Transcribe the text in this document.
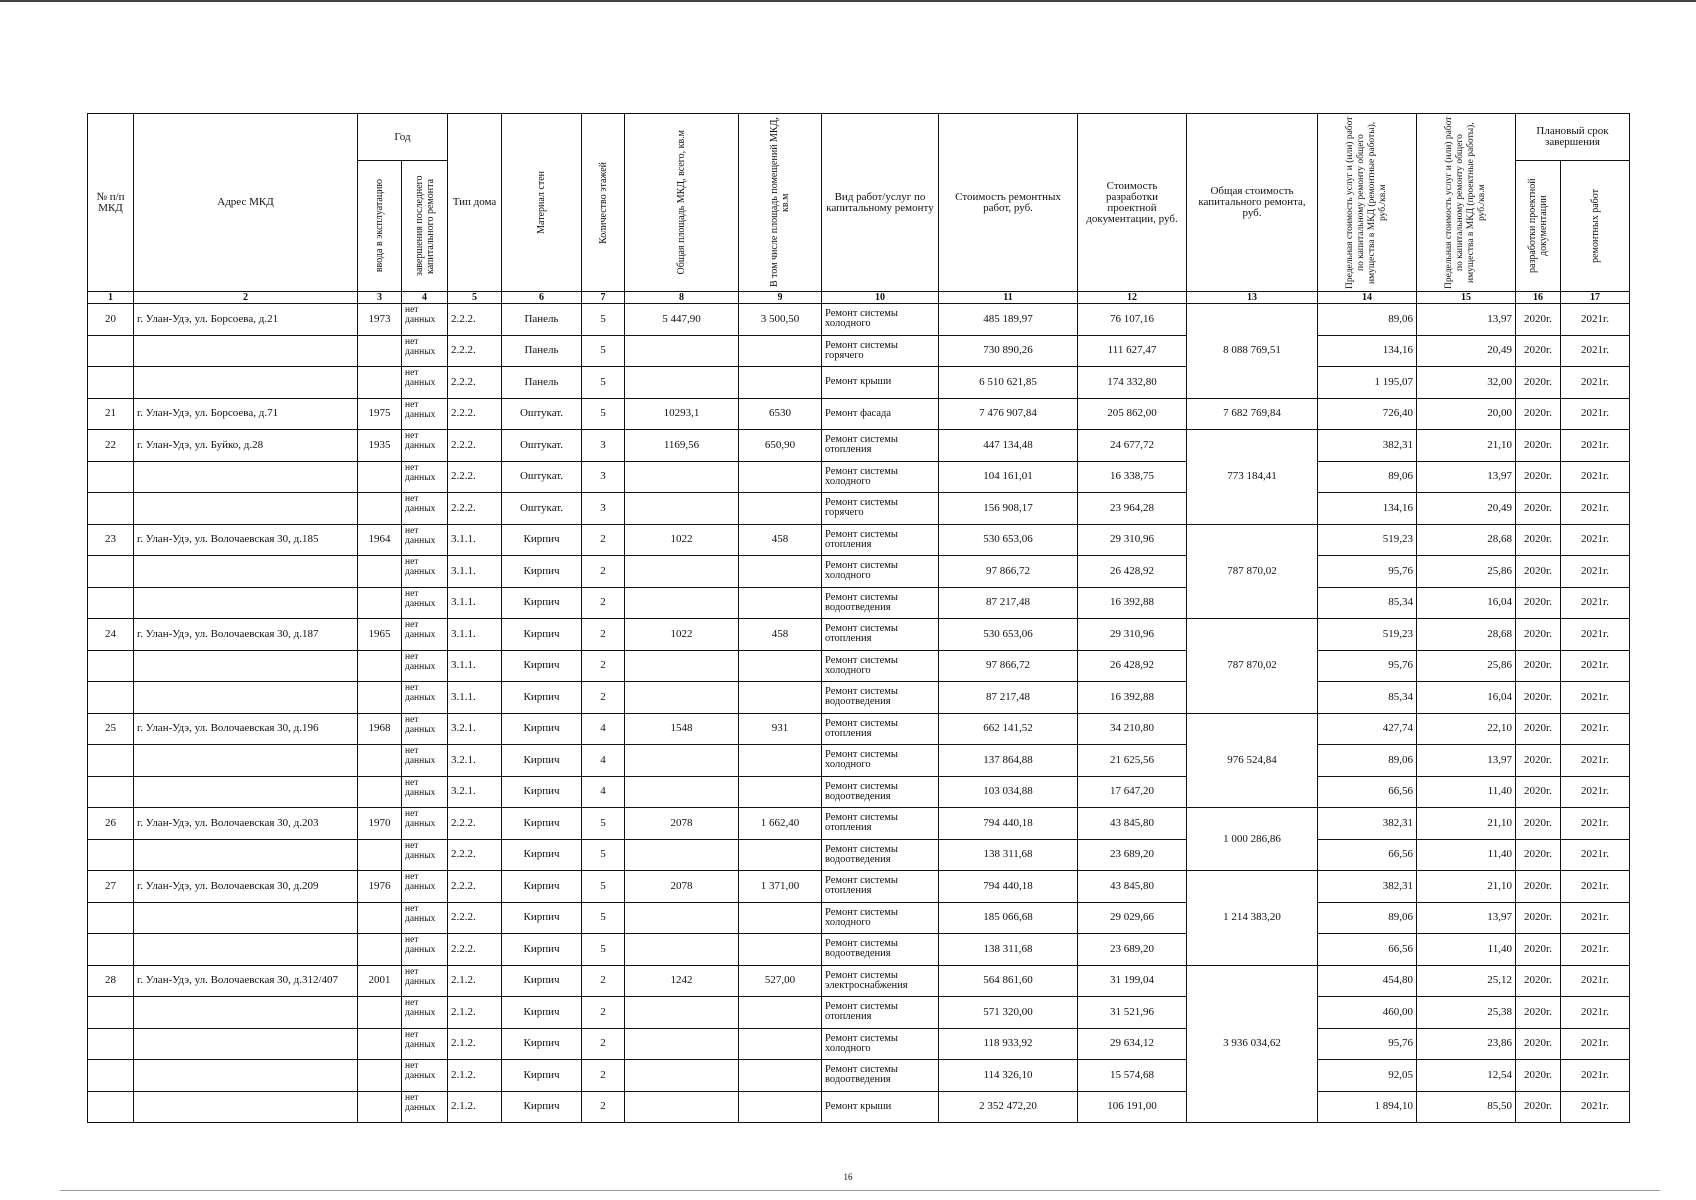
№ п/п МКД	Адрес МКД	Год		Тип дома	Материал стен	Количество этажей	Общая площадь МКД, всего, кв.м	В том числе площадь помещений МКД, кв.м	Вид работ/услуг по капитальному ремонту	Стоимость ремонтных работ, руб.	Стоимость разработки проектной документации, руб.	Общая стоимость капитального ремонта, руб.	Предельная стоимость услуг и (или) работ по капитальному ремонту общего имущества в МКД (ремонтные работы), руб./кв.м	Предельная стоимость услуг и (или) работ по капитальному ремонту общего имущества в МКД (проектные работы), руб./кв.м	Плановый срок завершения	

		ввода в эксплуатацию	завершения последнего капитального ремонта												разработки проектной документации	ремонтных работ

1	2	3	4	5	6	7	8	9	10	11	12	13	14	15	16	17
20	г. Улан-Удэ, ул. Борсоева, д.21	1973	нет данных	2.2.2.	Панель	5	5 447,90	3 500,50	Ремонт системы холодного	485 189,97	76 107,16	8 088 769,51	89,06	13,97	2020г.	2021г.
			нет данных	2.2.2.	Панель	5			Ремонт системы горячего	730 890,26	111 627,47		134,16	20,49	2020г.	2021г.
			нет данных	2.2.2.	Панель	5			Ремонт крыши	6 510 621,85	174 332,80		1 195,07	32,00	2020г.	2021г.
21	г. Улан-Удэ, ул. Борсоева, д.71	1975	нет данных	2.2.2.	Оштукат.	5	10293,1	6530	Ремонт фасада	7 476 907,84	205 862,00	7 682 769,84	726,40	20,00	2020г.	2021г.
22	г. Улан-Удэ, ул. Буйко, д.28	1935	нет данных	2.2.2.	Оштукат.	3	1169,56	650,90	Ремонт системы отопления	447 134,48	24 677,72	773 184,41	382,31	21,10	2020г.	2021г.
			нет данных	2.2.2.	Оштукат.	3			Ремонт системы холодного	104 161,01	16 338,75		89,06	13,97	2020г.	2021г.
			нет данных	2.2.2.	Оштукат.	3			Ремонт системы горячего	156 908,17	23 964,28		134,16	20,49	2020г.	2021г.
23	г. Улан-Удэ, ул. Волочаевская 30, д.185	1964	нет данных	3.1.1.	Кирпич	2	1022	458	Ремонт системы отопления	530 653,06	29 310,96	787 870,02	519,23	28,68	2020г.	2021г.
			нет данных	3.1.1.	Кирпич	2			Ремонт системы холодного	97 866,72	26 428,92		95,76	25,86	2020г.	2021г.
			нет данных	3.1.1.	Кирпич	2			Ремонт системы водоотведения	87 217,48	16 392,88		85,34	16,04	2020г.	2021г.
24	г. Улан-Удэ, ул. Волочаевская 30, д.187	1965	нет данных	3.1.1.	Кирпич	2	1022	458	Ремонт системы отопления	530 653,06	29 310,96	787 870,02	519,23	28,68	2020г.	2021г.
			нет данных	3.1.1.	Кирпич	2			Ремонт системы холодного	97 866,72	26 428,92		95,76	25,86	2020г.	2021г.
			нет данных	3.1.1.	Кирпич	2			Ремонт системы водоотведения	87 217,48	16 392,88		85,34	16,04	2020г.	2021г.
25	г. Улан-Удэ, ул. Волочаевская 30, д.196	1968	нет данных	3.2.1.	Кирпич	4	1548	931	Ремонт системы отопления	662 141,52	34 210,80	976 524,84	427,74	22,10	2020г.	2021г.
			нет данных	3.2.1.	Кирпич	4			Ремонт системы холодного	137 864,88	21 625,56		89,06	13,97	2020г.	2021г.
			нет данных	3.2.1.	Кирпич	4			Ремонт системы водоотведения	103 034,88	17 647,20		66,56	11,40	2020г.	2021г.
26	г. Улан-Удэ, ул. Волочаевская 30, д.203	1970	нет данных	2.2.2.	Кирпич	5	2078	1 662,40	Ремонт системы отопления	794 440,18	43 845,80	1 000 286,86	382,31	21,10	2020г.	2021г.
			нет данных	2.2.2.	Кирпич	5			Ремонт системы водоотведения	138 311,68	23 689,20		66,56	11,40	2020г.	2021г.
27	г. Улан-Удэ, ул. Волочаевская 30, д.209	1976	нет данных	2.2.2.	Кирпич	5	2078	1 371,00	Ремонт системы отопления	794 440,18	43 845,80	1 214 383,20	382,31	21,10	2020г.	2021г.
			нет данных	2.2.2.	Кирпич	5			Ремонт системы холодного	185 066,68	29 029,66		89,06	13,97	2020г.	2021г.
			нет данных	2.2.2.	Кирпич	5			Ремонт системы водоотведения	138 311,68	23 689,20		66,56	11,40	2020г.	2021г.
28	г. Улан-Удэ, ул. Волочаевская 30, д.312/407	2001	нет данных	2.1.2.	Кирпич	2	1242	527,00	Ремонт системы электроснабжения	564 861,60	31 199,04	3 936 034,62	454,80	25,12	2020г.	2021г.
			нет данных	2.1.2.	Кирпич	2			Ремонт системы отопления	571 320,00	31 521,96		460,00	25,38	2020г.	2021г.
			нет данных	2.1.2.	Кирпич	2			Ремонт системы холодного	118 933,92	29 634,12		95,76	23,86	2020г.	2021г.
			нет данных	2.1.2.	Кирпич	2			Ремонт системы водоотведения	114 326,10	15 574,68		92,05	12,54	2020г.	2021г.
			нет данных	2.1.2.	Кирпич	2			Ремонт крыши	2 352 472,20	106 191,00		1 894,10	85,50	2020г.	2021г.
16
